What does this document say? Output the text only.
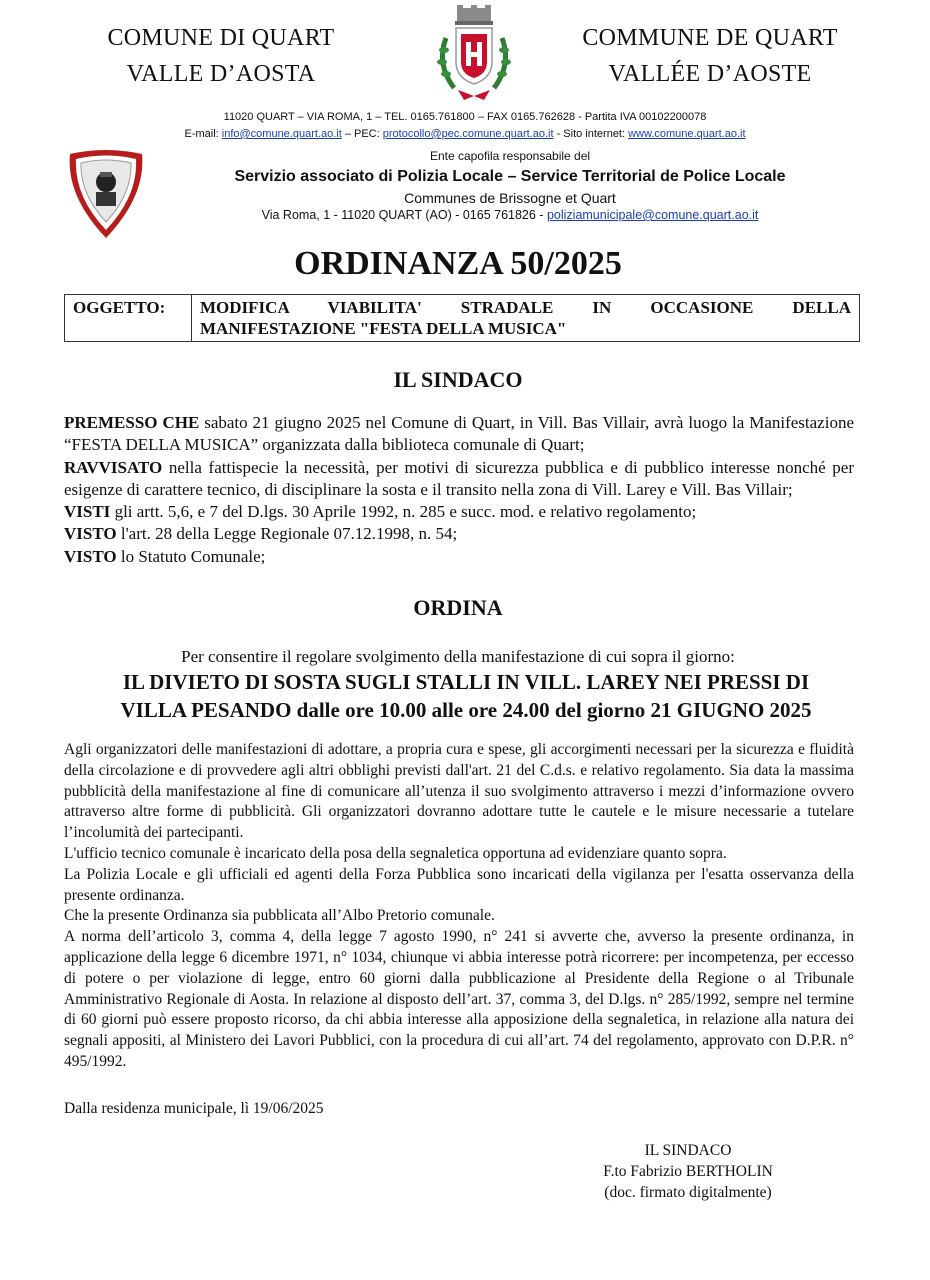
COMUNE DI QUART
VALLE D’AOSTA
COMMUNE DE QUART
VALLÉE D’AOSTE
11020 QUART – VIA ROMA, 1 – TEL. 0165.761800 – FAX 0165.762628 - Partita IVA 00102200078
E-mail: info@comune.quart.ao.it – PEC: protocollo@pec.comune.quart.ao.it - Sito internet: www.comune.quart.ao.it
Ente capofila responsabile del
Servizio associato di Polizia Locale – Service Territorial de Police Locale
Communes de Brissogne et Quart
Via Roma, 1 - 11020 QUART (AO) - 0165 761826 - poliziamunicipale@comune.quart.ao.it
ORDINANZA 50/2025
OGGETTO:	MODIFICA VIABILITA' STRADALE IN OCCASIONE DELLA
MANIFESTAZIONE "FESTA DELLA MUSICA"
IL SINDACO

PREMESSO CHE sabato 21 giugno 2025 nel Comune di Quart, in Vill. Bas Villair, avrà luogo la Manifestazione “FESTA DELLA MUSICA” organizzata dalla biblioteca comunale di Quart;

RAVVISATO nella fattispecie la necessità, per motivi di sicurezza pubblica e di pubblico interesse nonché per esigenze di carattere tecnico, di disciplinare la sosta e il transito nella zona di Vill. Larey e Vill. Bas Villair;

VISTI gli artt. 5,6, e 7 del D.lgs. 30 Aprile 1992, n. 285 e succ. mod. e relativo regolamento;

VISTO l'art. 28 della Legge Regionale 07.12.1998, n. 54;

VISTO lo Statuto Comunale;

ORDINA
Per consentire il regolare svolgimento della manifestazione di cui sopra il giorno:
IL DIVIETO DI SOSTA SUGLI STALLI IN VILL. LAREY NEI PRESSI DI
VILLA PESANDO dalle ore 10.00 alle ore 24.00 del giorno 21 GIUGNO 2025

Agli organizzatori delle manifestazioni di adottare, a propria cura e spese, gli accorgimenti necessari per la sicurezza e fluidità della circolazione e di provvedere agli altri obblighi previsti dall'art. 21 del C.d.s. e relativo regolamento. Sia data la massima pubblicità della manifestazione al fine di comunicare all’utenza il suo svolgimento attraverso i mezzi d’informazione ovvero attraverso altre forme di pubblicità. Gli organizzatori dovranno adottare tutte le cautele e le misure necessarie a tutelare l’incolumità dei partecipanti.

L'ufficio tecnico comunale è incaricato della posa della segnaletica opportuna ad evidenziare quanto sopra.

La Polizia Locale e gli ufficiali ed agenti della Forza Pubblica sono incaricati della vigilanza per l'esatta osservanza della presente ordinanza.

Che la presente Ordinanza sia pubblicata all’Albo Pretorio comunale.

A norma dell’articolo 3, comma 4, della legge 7 agosto 1990, n° 241 si avverte che, avverso la presente ordinanza, in applicazione della legge 6 dicembre 1971, n° 1034, chiunque vi abbia interesse potrà ricorrere: per incompetenza, per eccesso di potere o per violazione di legge, entro 60 giorni dalla pubblicazione al Presidente della Regione o al Tribunale Amministrativo Regionale di Aosta. In relazione al disposto dell’art. 37, comma 3, del D.lgs. n° 285/1992, sempre nel termine di 60 giorni può essere proposto ricorso, da chi abbia interesse alla apposizione della segnaletica, in relazione alla natura dei segnali appositi, al Ministero dei Lavori Pubblici, con la procedura di cui all’art. 74 del regolamento, approvato con D.P.R. n° 495/1992.

Dalla residenza municipale, lì 19/06/2025
IL SINDACO
F.to Fabrizio BERTHOLIN
(doc. firmato digitalmente)
